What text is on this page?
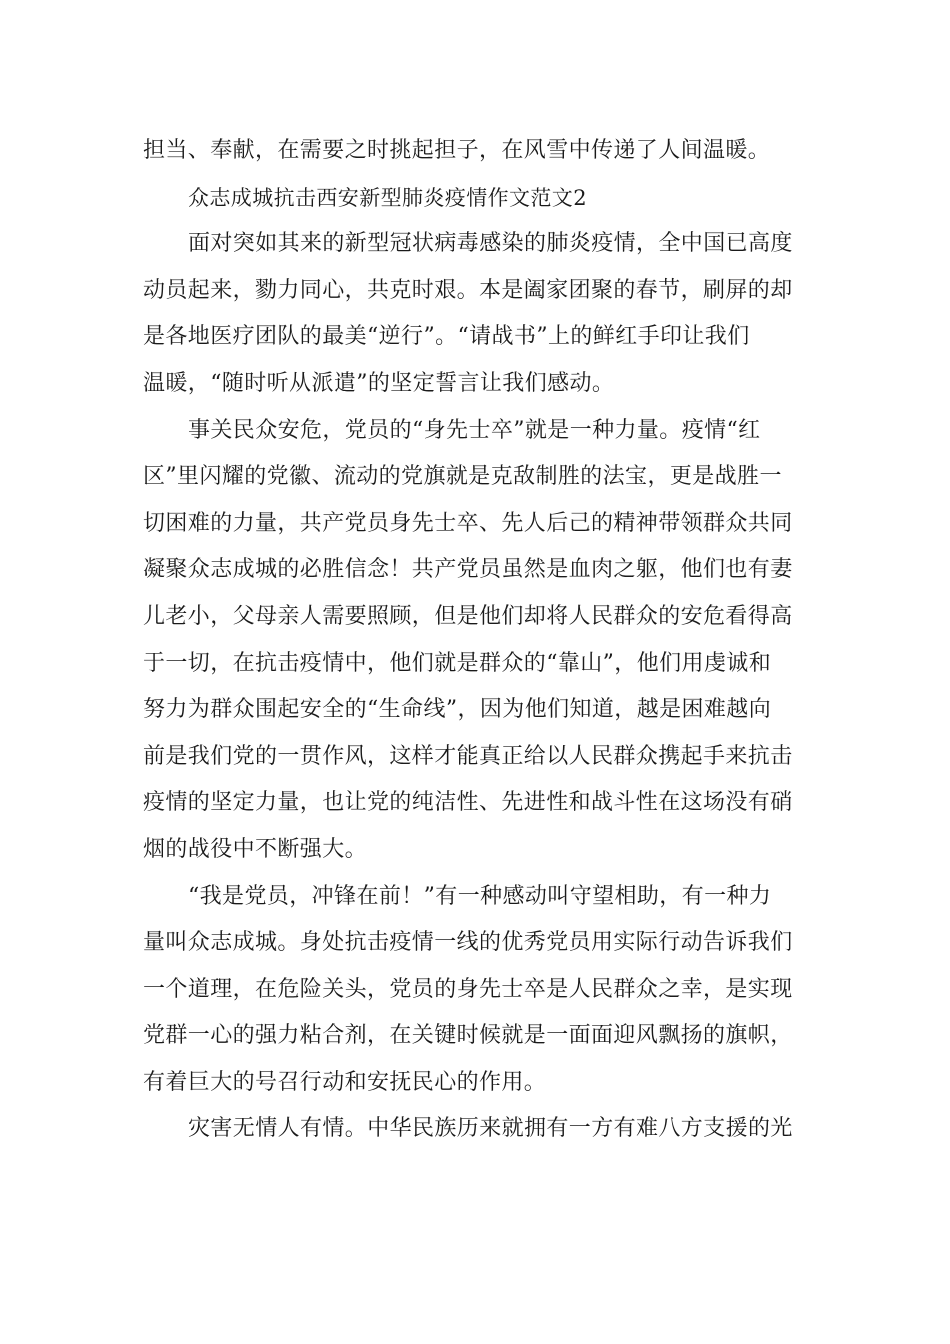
担当、奉献，在需要之时挑起担子，在风雪中传递了人间温暖。

众志成城抗击西安新型肺炎疫情作文范文2

面对突如其来的新型冠状病毒感染的肺炎疫情，全中国已高度

动员起来，勠力同心，共克时艰。本是阖家团聚的春节，刷屏的却

是各地医疗团队的最美“逆行”。“请战书”上的鲜红手印让我们

温暖，“随时听从派遣”的坚定誓言让我们感动。

事关民众安危，党员的“身先士卒”就是一种力量。疫情“红

区”里闪耀的党徽、流动的党旗就是克敌制胜的法宝，更是战胜一

切困难的力量，共产党员身先士卒、先人后己的精神带领群众共同

凝聚众志成城的必胜信念！共产党员虽然是血肉之躯，他们也有妻

儿老小，父母亲人需要照顾，但是他们却将人民群众的安危看得高

于一切，在抗击疫情中，他们就是群众的“靠山”，他们用虔诚和

努力为群众围起安全的“生命线”，因为他们知道，越是困难越向

前是我们党的一贯作风，这样才能真正给以人民群众携起手来抗击

疫情的坚定力量，也让党的纯洁性、先进性和战斗性在这场没有硝

烟的战役中不断强大。

“我是党员，冲锋在前！”有一种感动叫守望相助，有一种力

量叫众志成城。身处抗击疫情一线的优秀党员用实际行动告诉我们

一个道理，在危险关头，党员的身先士卒是人民群众之幸，是实现

党群一心的强力粘合剂，在关键时候就是一面面迎风飘扬的旗帜，

有着巨大的号召行动和安抚民心的作用。

灾害无情人有情。中华民族历来就拥有一方有难八方支援的光
